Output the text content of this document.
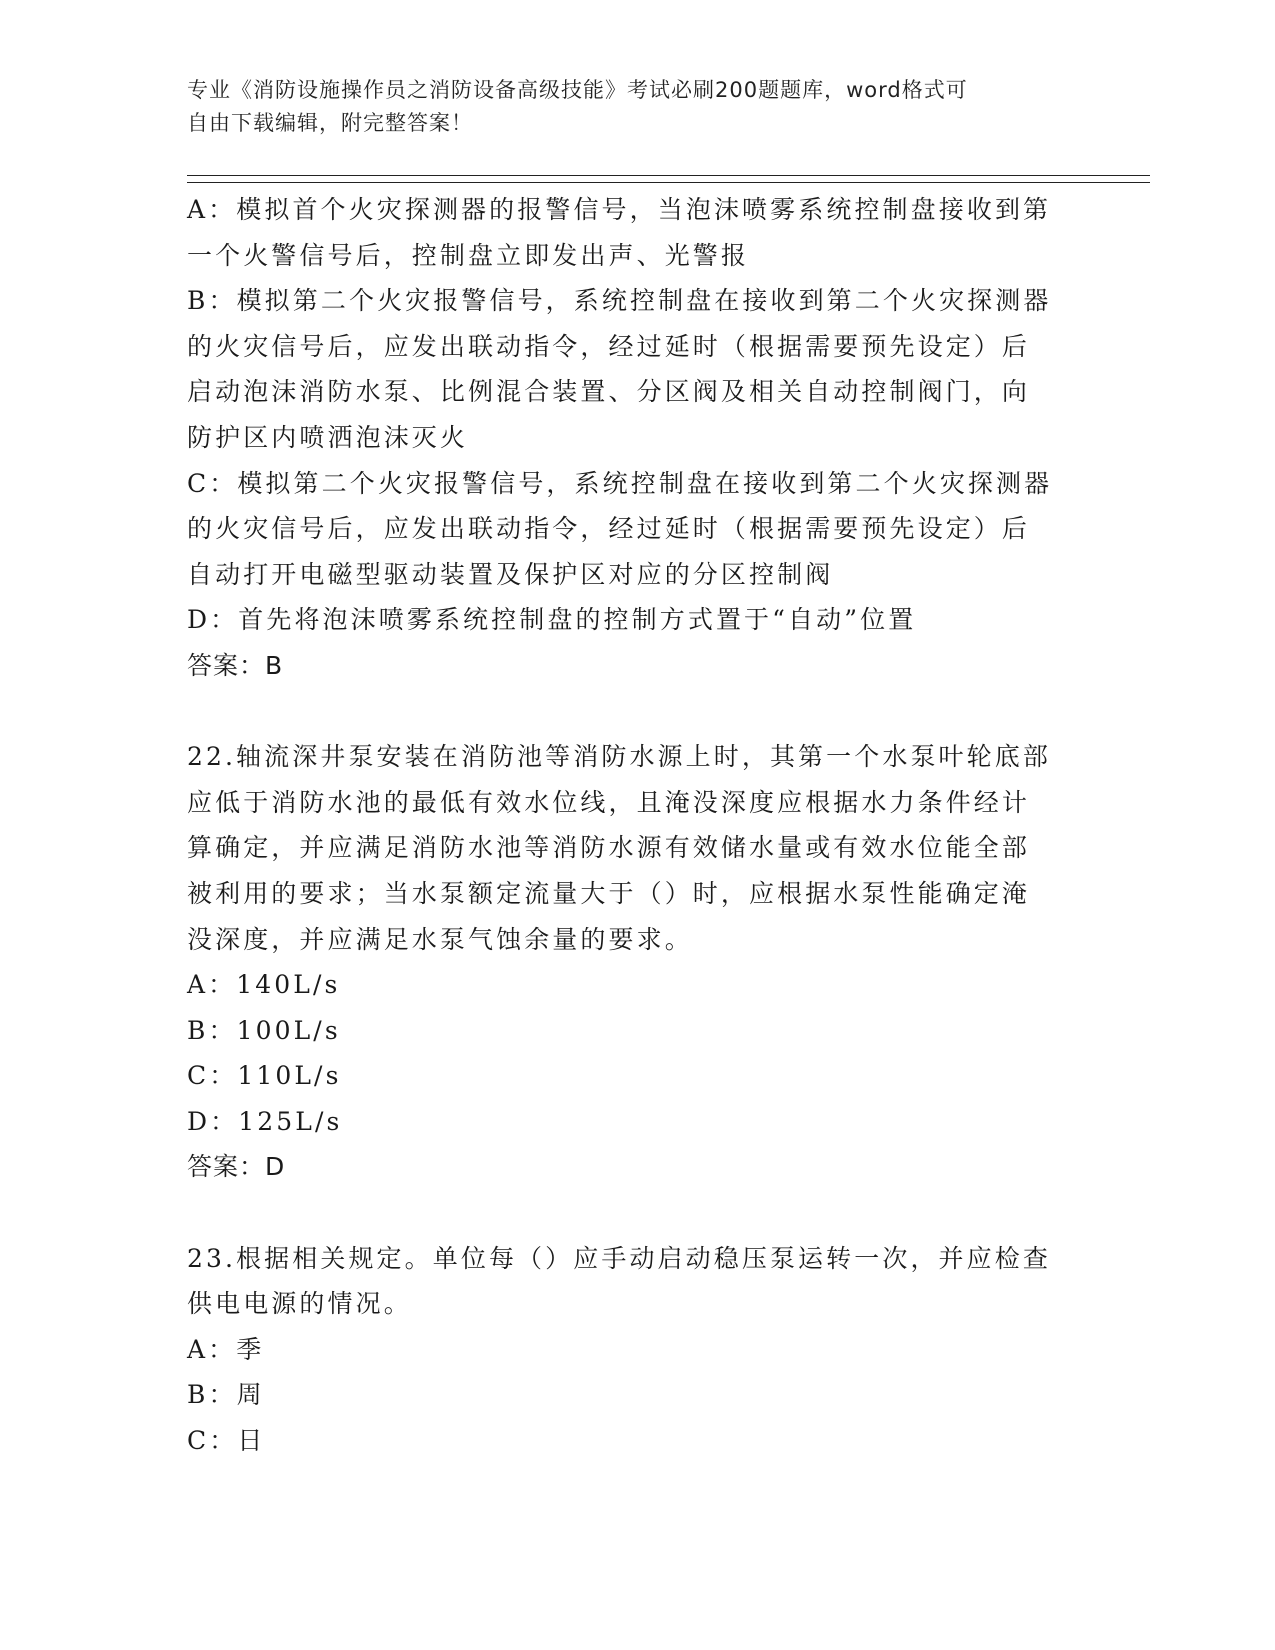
专业《消防设施操作员之消防设备高级技能》考试必刷200题题库，word格式可
自由下载编辑，附完整答案！
A：模拟首个火灾探测器的报警信号，当泡沫喷雾系统控制盘接收到第
一个火警信号后，控制盘立即发出声、光警报
B：模拟第二个火灾报警信号，系统控制盘在接收到第二个火灾探测器
的火灾信号后，应发出联动指令，经过延时（根据需要预先设定）后
启动泡沫消防水泵、比例混合装置、分区阀及相关自动控制阀门，向
防护区内喷洒泡沫灭火
C：模拟第二个火灾报警信号，系统控制盘在接收到第二个火灾探测器
的火灾信号后，应发出联动指令，经过延时（根据需要预先设定）后
自动打开电磁型驱动装置及保护区对应的分区控制阀
D：首先将泡沫喷雾系统控制盘的控制方式置于“自动”位置
答案：B
22.轴流深井泵安装在消防池等消防水源上时，其第一个水泵叶轮底部
应低于消防水池的最低有效水位线，且淹没深度应根据水力条件经计
算确定，并应满足消防水池等消防水源有效储水量或有效水位能全部
被利用的要求；当水泵额定流量大于（）时，应根据水泵性能确定淹
没深度，并应满足水泵气蚀余量的要求。
A：140L/s
B：100L/s
C：110L/s
D：125L/s
答案：D
23.根据相关规定。单位每（）应手动启动稳压泵运转一次，并应检查
供电电源的情况。
A：季
B：周
C：日
